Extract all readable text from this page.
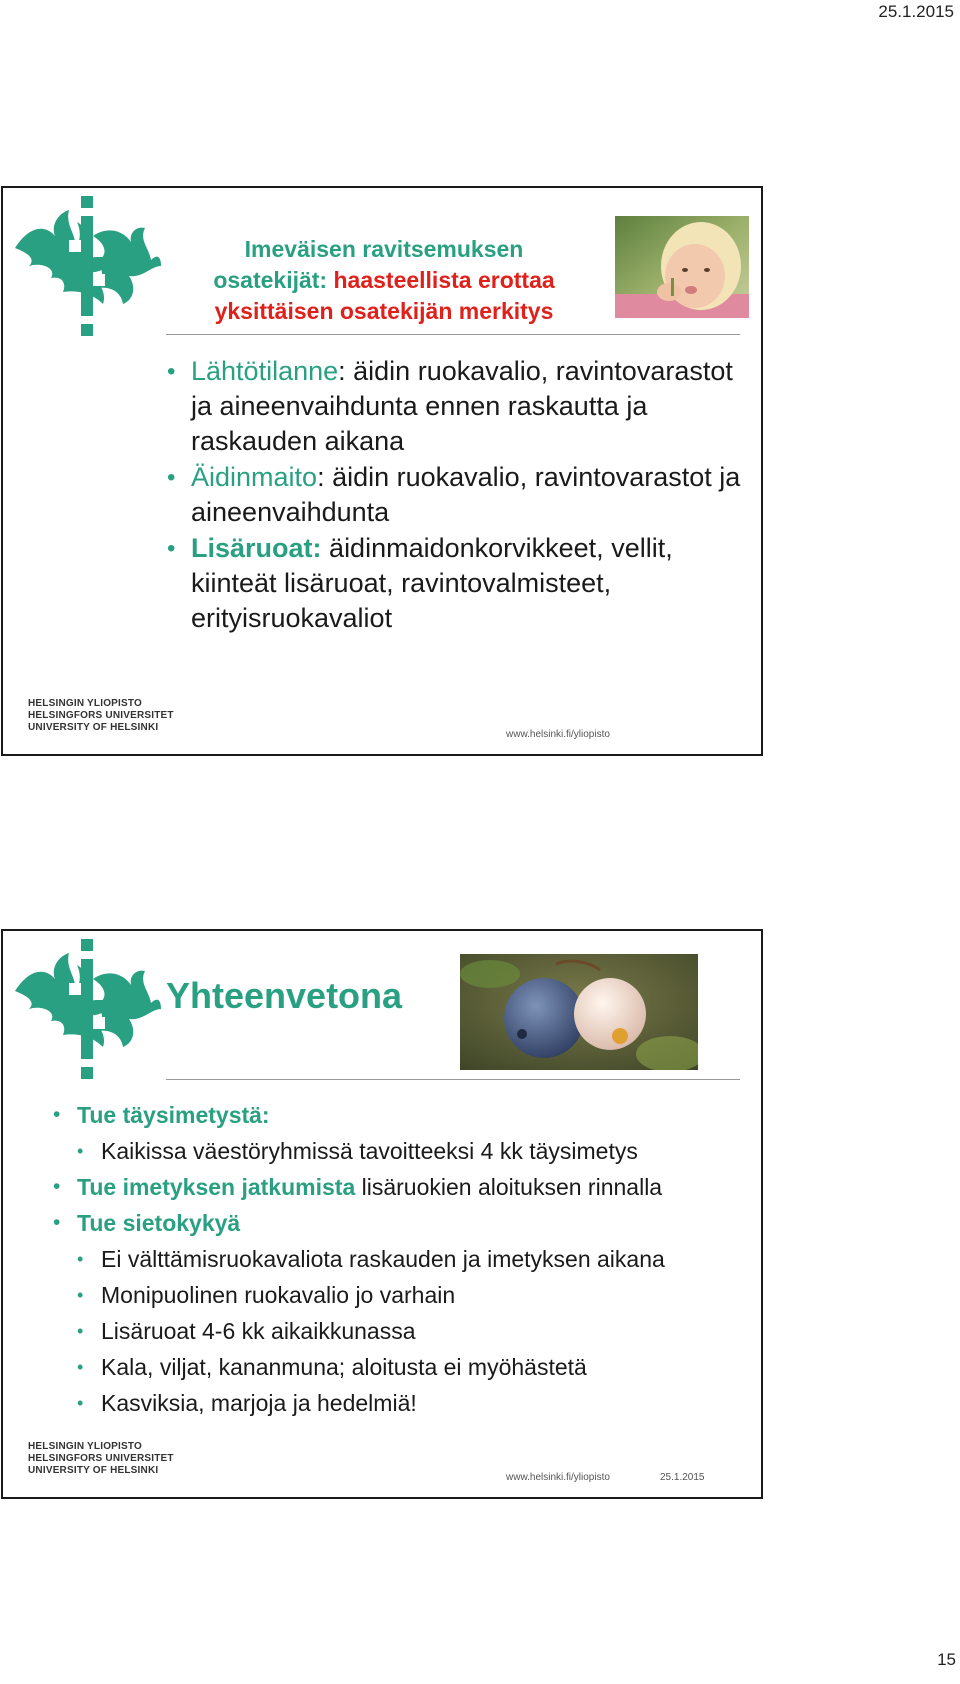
25.1.2015
Imeväisen ravitsemuksen
osatekijät: haasteellista erottaa
yksittäisen osatekijän merkitys
• Lähtötilanne: äidin ruokavalio, ravintovarastot ja aineenvaihdunta ennen raskautta ja raskauden aikana
• Äidinmaito: äidin ruokavalio, ravintovarastot ja aineenvaihdunta
• Lisäruoat: äidinmaidonkorvikkeet, vellit, kiinteät lisäruoat, ravintovalmisteet, erityisruokavaliot
HELSINGIN YLIOPISTO
HELSINGFORS UNIVERSITET
UNIVERSITY OF HELSINKI
www.helsinki.fi/yliopisto
Yhteenvetona
• Tue täysimetystä:
• Kaikissa väestöryhmissä tavoitteeksi 4 kk täysimetys
• Tue imetyksen jatkumista lisäruokien aloituksen rinnalla
• Tue sietokykyä
• Ei välttämisruokavaliota raskauden ja imetyksen aikana
• Monipuolinen ruokavalio jo varhain
• Lisäruoat 4-6 kk aikaikkunassa
• Kala, viljat, kananmuna; aloitusta ei myöhästetä
• Kasviksia, marjoja ja hedelmiä!
HELSINGIN YLIOPISTO
HELSINGFORS UNIVERSITET
UNIVERSITY OF HELSINKI
www.helsinki.fi/yliopisto	25.1.2015
15
